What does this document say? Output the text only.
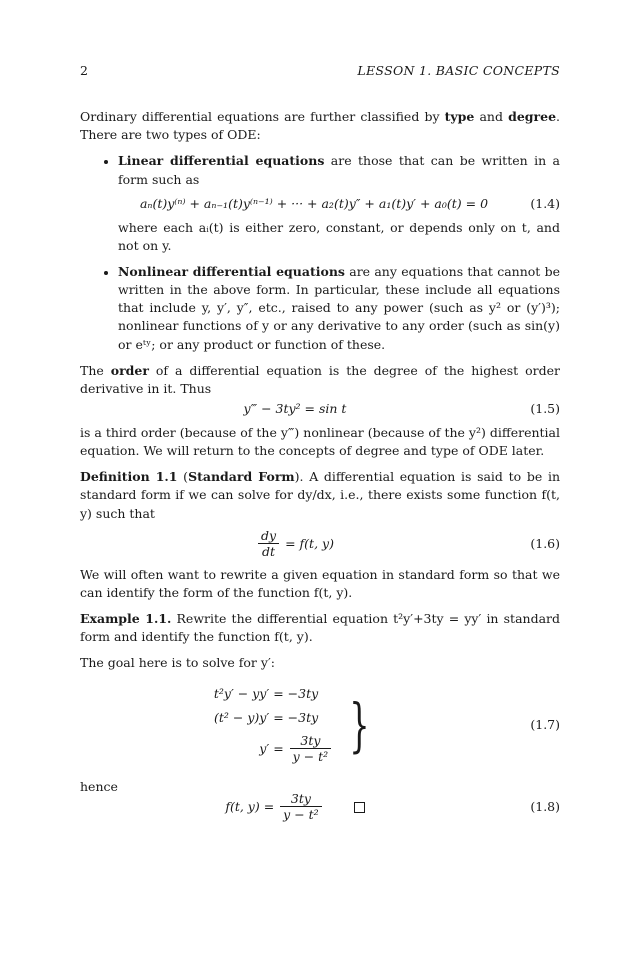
2	LESSON 1. BASIC CONCEPTS

Ordinary differential equations are further classified by type and degree. There are two types of ODE:

• Linear differential equations are those that can be written in a form such as
aₙ(t)y⁽ⁿ⁾ + aₙ₋₁(t)y⁽ⁿ⁻¹⁾ + ··· + a₂(t)y″ + a₁(t)y′ + a₀(t) = 0	(1.4)
where each aᵢ(t) is either zero, constant, or depends only on t, and not on y.
• Nonlinear differential equations are any equations that cannot be written in the above form. In particular, these include all equations that include y, y′, y″, etc., raised to any power (such as y² or (y′)³); nonlinear functions of y or any derivative to any order (such as sin(y) or eᵗʸ; or any product or function of these.

The order of a differential equation is the degree of the highest order derivative in it. Thus

y‴ − 3ty² = sin t	(1.5)

is a third order (because of the y‴) nonlinear (because of the y²) differential equation. We will return to the concepts of degree and type of ODE later.

Definition 1.1 (Standard Form). A differential equation is said to be in standard form if we can solve for dy/dx, i.e., there exists some function f(t, y) such that

$\frac{dy}{dt} = f(t$, y)	(1.6)

We will often want to rewrite a given equation in standard form so that we can identify the form of the function f(t, y).

Example 1.1. Rewrite the differential equation t²y′+3ty = yy′ in standard form and identify the function f(t, y).

The goal here is to solve for y′:

t²y′ − yy′	= −3ty
(t² − y)y′	= −3ty
y′	= $\frac{3ty}{\text{y − t²}}$ }	(1.7)

hence

f(t, $y) = \frac{3ty}{\text{y − t²}}$
	(1.8)
